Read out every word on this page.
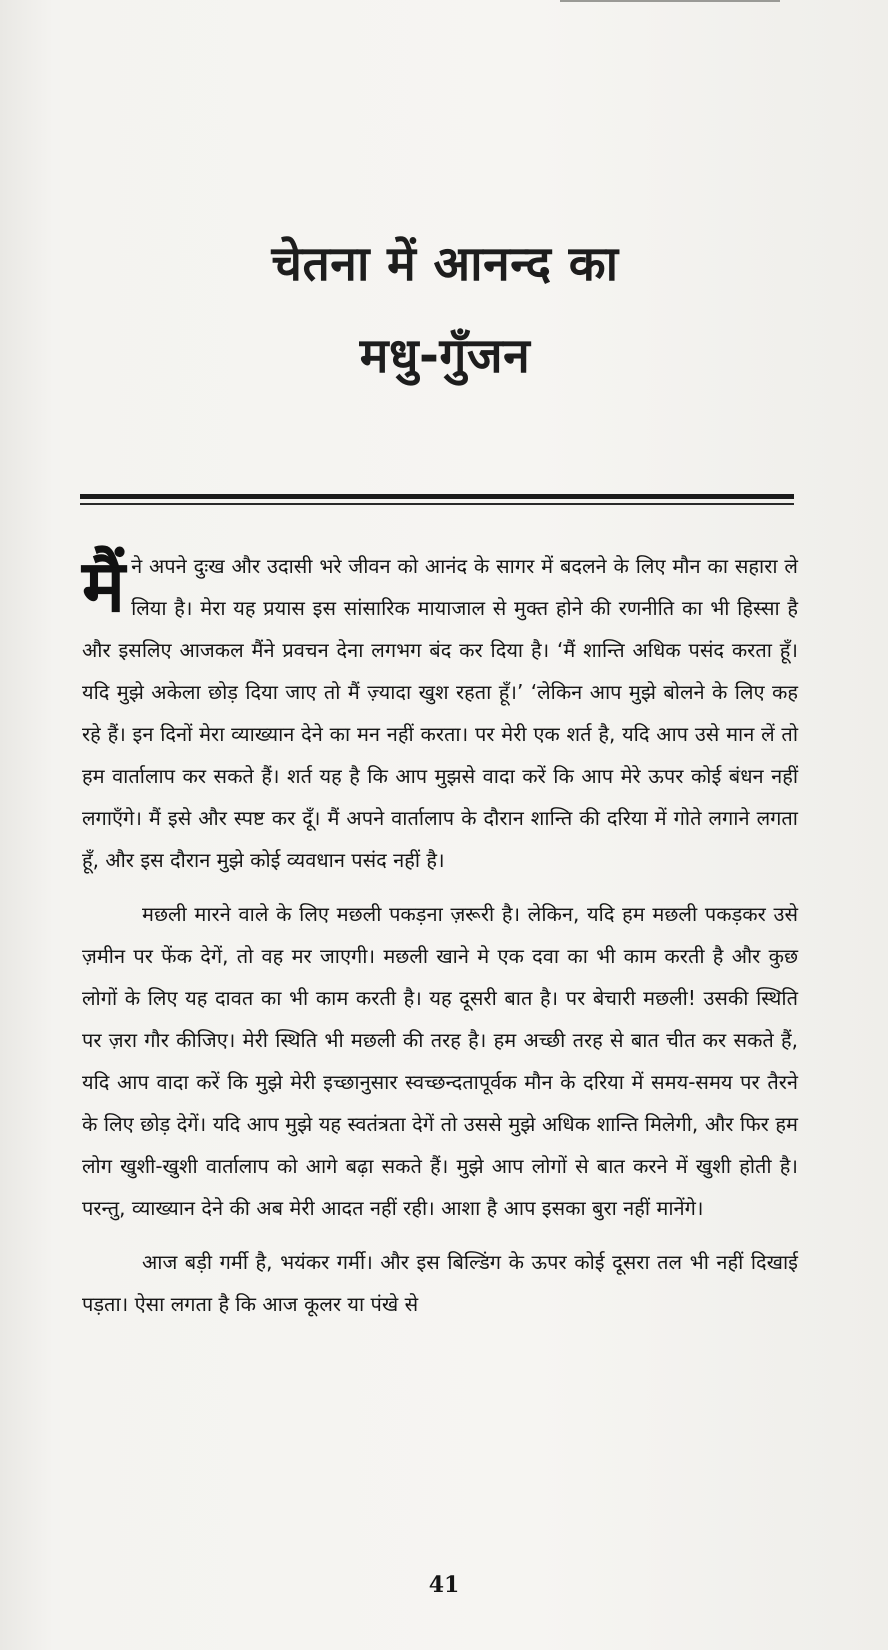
चेतना में आनन्द का
मधु-गुँजन

मैंने अपने दुःख और उदासी भरे जीवन को आनंद के सागर में बदलने के लिए मौन का सहारा ले लिया है। मेरा यह प्रयास इस सांसारिक मायाजाल से मुक्त होने की रणनीति का भी हिस्सा है और इसलिए आजकल मैंने प्रवचन देना लगभग बंद कर दिया है। ‘मैं शान्ति अधिक पसंद करता हूँ। यदि मुझे अकेला छोड़ दिया जाए तो मैं ज़्यादा खुश रहता हूँ।’ ‘लेकिन आप मुझे बोलने के लिए कह रहे हैं। इन दिनों मेरा व्याख्यान देने का मन नहीं करता। पर मेरी एक शर्त है, यदि आप उसे मान लें तो हम वार्तालाप कर सकते हैं। शर्त यह है कि आप मुझसे वादा करें कि आप मेरे ऊपर कोई बंधन नहीं लगाएँगे। मैं इसे और स्पष्ट कर दूँ। मैं अपने वार्तालाप के दौरान शान्ति की दरिया में गोते लगाने लगता हूँ, और इस दौरान मुझे कोई व्यवधान पसंद नहीं है।

मछली मारने वाले के लिए मछली पकड़ना ज़रूरी है। लेकिन, यदि हम मछली पकड़कर उसे ज़मीन पर फेंक देगें, तो वह मर जाएगी। मछली खाने मे एक दवा का भी काम करती है और कुछ लोगों के लिए यह दावत का भी काम करती है। यह दूसरी बात है। पर बेचारी मछली! उसकी स्थिति पर ज़रा गौर कीजिए। मेरी स्थिति भी मछली की तरह है। हम अच्छी तरह से बात चीत कर सकते हैं, यदि आप वादा करें कि मुझे मेरी इच्छानुसार स्वच्छन्दतापूर्वक मौन के दरिया में समय-समय पर तैरने के लिए छोड़ देगें। यदि आप मुझे यह स्वतंत्रता देगें तो उससे मुझे अधिक शान्ति मिलेगी, और फिर हम लोग खुशी-खुशी वार्तालाप को आगे बढ़ा सकते हैं। मुझे आप लोगों से बात करने में खुशी होती है। परन्तु, व्याख्यान देने की अब मेरी आदत नहीं रही। आशा है आप इसका बुरा नहीं मानेंगे।

आज बड़ी गर्मी है, भयंकर गर्मी। और इस बिल्डिंग के ऊपर कोई दूसरा तल भी नहीं दिखाई पड़ता। ऐसा लगता है कि आज कूलर या पंखे से

41
